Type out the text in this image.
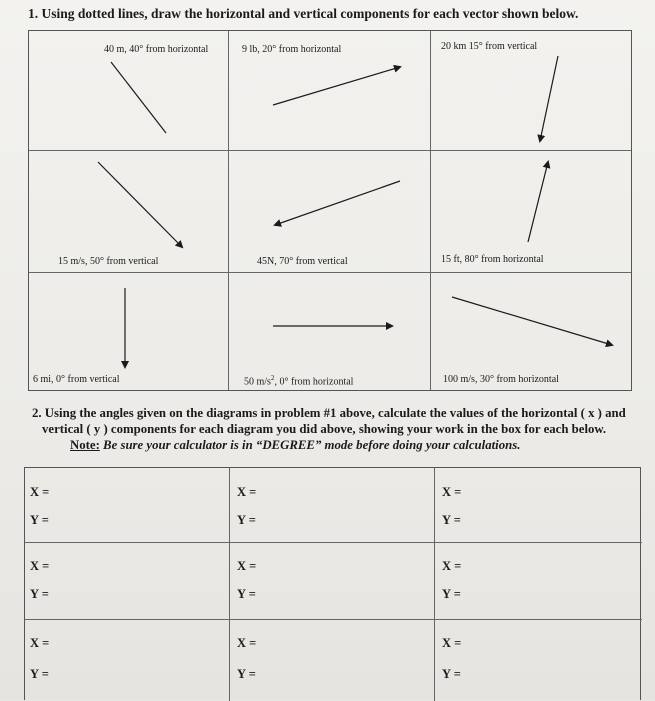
1. Using dotted lines, draw the horizontal and vertical components for each vector shown below.
40 m, 40° from horizontal	9 lb, 20° from horizontal	20 km 15° from vertical
15 m/s, 50° from vertical	45N, 70° from vertical	15 ft, 80° from horizontal
6 mi, 0° from vertical	50 $m/s^2$, 0° from horizontal	100 m/s, 30° from horizontal
2. Using the angles given on the diagrams in problem #1 above, calculate the values of the horizontal ( x ) and
vertical ( y ) components for each diagram you did above, showing your work in the box for each below.
Note: Be sure your calculator is in “DEGREE” mode before doing your calculations.
X =
Y =
X =
Y =
X =
Y =
X =
Y =
X =
Y =
X =
Y =
X =
Y =
X =
Y =
X =
Y =
